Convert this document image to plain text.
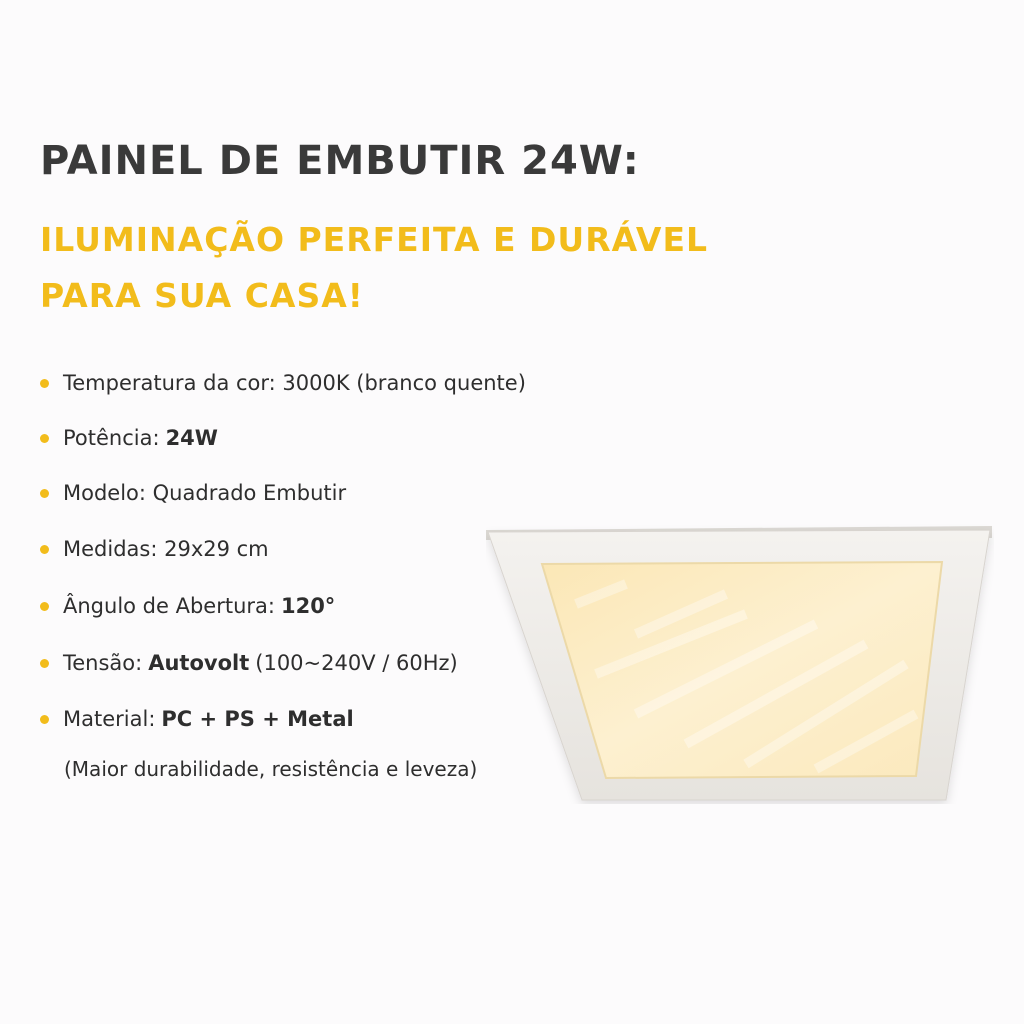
PAINEL DE EMBUTIR 24W:
ILUMINAÇÃO PERFEITA E DURÁVEL
PARA SUA CASA!
Temperatura da cor: 3000K (branco quente)
Potência: 24W
Modelo: Quadrado Embutir
Medidas: 29x29 cm
Ângulo de Abertura: 120°
Tensão: Autovolt (100~240V / 60Hz)
Material: PC + PS + Metal
(Maior durabilidade, resistência e leveza)
